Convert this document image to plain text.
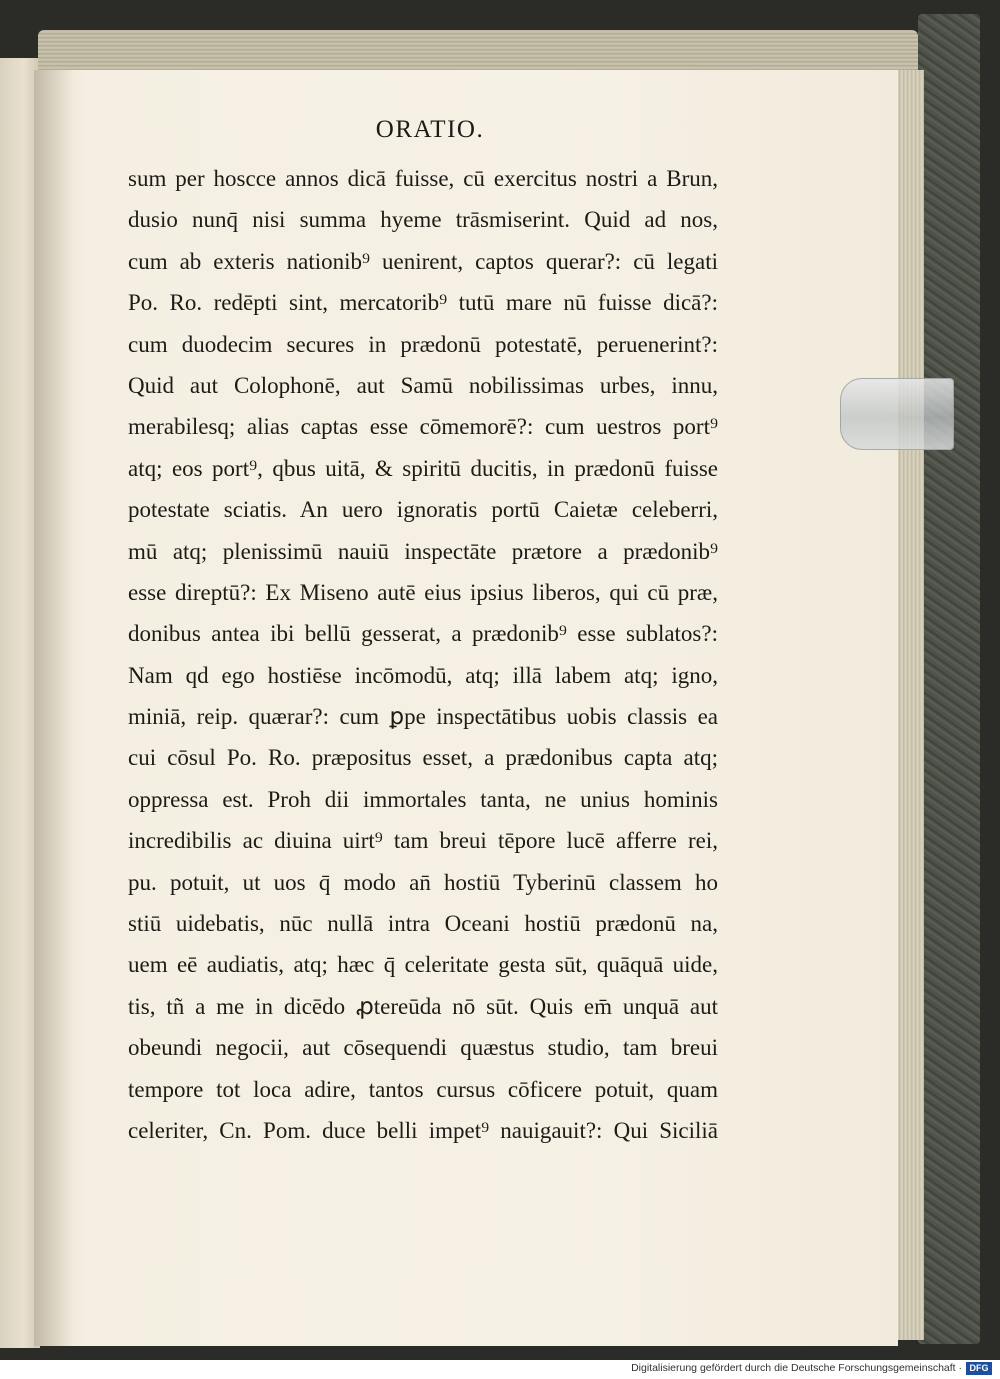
ORATIO.
sum per hoscce annos dicā fuisse, cū exercitus nostri a Brun,
dusio nunq̄ nisi summa hyeme trāsmiserint. Quid ad nos,
cum ab exteris nationib⁹ uenirent, captos querar?: cū legati
Po. Ro. redēpti sint, mercatorib⁹ tutū mare nū fuisse dicā?:
cum duodecim secures in prædonū potestatē, peruenerint?:
Quid aut Colophonē, aut Samū nobilissimas urbes, innu,
merabilesq; alias captas esse cōmemorē?: cum uestros port⁹
atq; eos port⁹, qbus uitā, & spiritū ducitis, in prædonū fuisse
potestate sciatis. An uero ignoratis portū Caietæ celeberri,
mū atq; plenissimū nauiū inspectāte prætore a prædonib⁹
esse direptū?: Ex Miseno autē eius ipsius liberos, qui cū præ,
donibus antea ibi bellū gesserat, a prædonib⁹ esse sublatos?:
Nam qd ego hostiēse incōmodū, atq; illā labem atq; igno,
miniā, reip. quærar?: cum ꝑpe inspectātibus uobis classis ea
cui cōsul Po. Ro. præpositus esset, a prædonibus capta atq;
oppressa est. Proh dii immortales tanta, ne unius hominis
incredibilis ac diuina uirt⁹ tam breui tēpore lucē afferre rei,
pu. potuit, ut uos q̄ modo an̄ hostiū Tyberinū classem ho
stiū uidebatis, nūc nullā intra Oceani hostiū prædonū na,
uem eē audiatis, atq; hæc q̄ celeritate gesta sūt, quāquā uide,
tis, tñ a me in dicēdo ꝓtereūda nō sūt. Quis em̄ unquā aut
obeundi negocii, aut cōsequendi quæstus studio, tam breui
tempore tot loca adire, tantos cursus cōficere potuit, quam
celeriter, Cn. Pom. duce belli impet⁹ nauigauit?: Qui Siciliā
Digitalisierung gefördert durch die Deutsche Forschungsgemeinschaft · DFG
